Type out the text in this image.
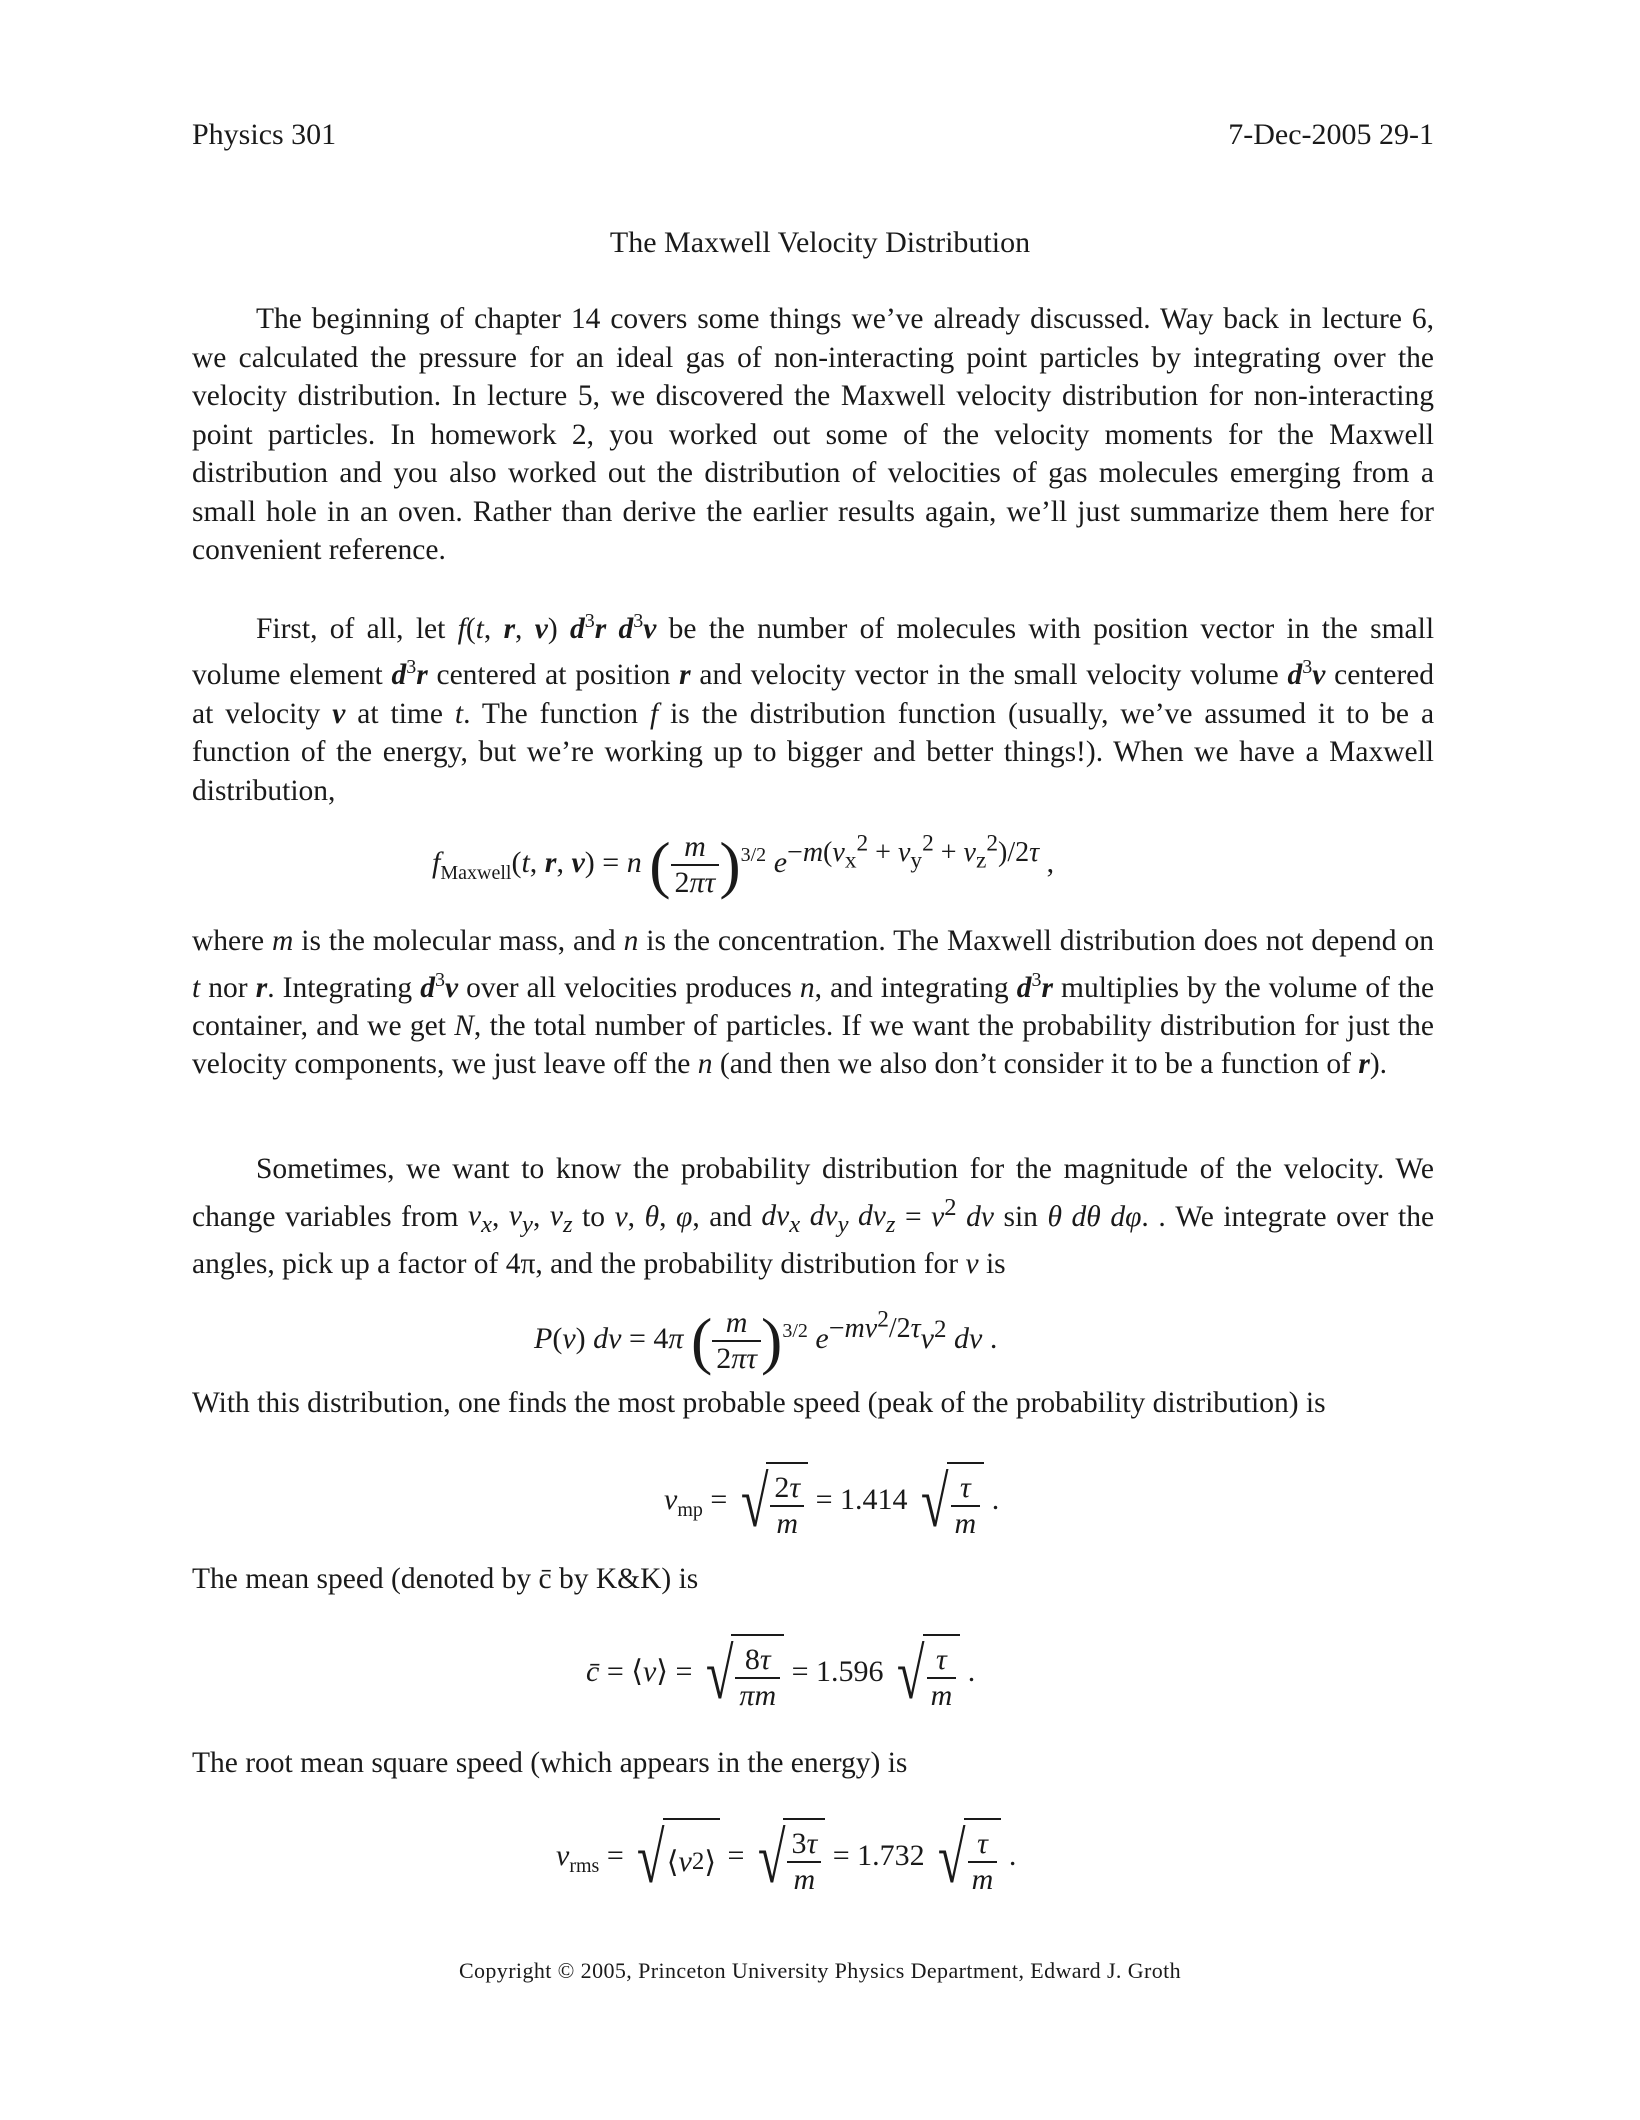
Physics 301	7-Dec-2005 29-1
The Maxwell Velocity Distribution

The beginning of chapter 14 covers some things we’ve already discussed. Way back in lecture 6, we calculated the pressure for an ideal gas of non-interacting point particles by integrating over the velocity distribution. In lecture 5, we discovered the Maxwell velocity distribution for non-interacting point particles. In homework 2, you worked out some of the velocity moments for the Maxwell distribution and you also worked out the distribution of velocities of gas molecules emerging from a small hole in an oven. Rather than derive the earlier results again, we’ll just summarize them here for convenient reference.

First, of all, let f(t, r, v) $d^3r$ $d^3v$ be the number of molecules with position vector in the small volume element $d^3r$ centered at position r and velocity vector in the small velocity volume $d^3v$ centered at velocity v at time t. The function f is the distribution function (usually, we’ve assumed it to be a function of the energy, but we’re working up to bigger and better things!). When we have a Maxwell distribution,

$f_{Maxwell}(t$, r, v) = n ( $\frac{m}{2\pi\tau} )^{3/2}$ $e-m(v_x^2 + v_y^2 + v_z^2)/2\tau$ ,

where m is the molecular mass, and n is the concentration. The Maxwell distribution does not depend on t nor r. Integrating $d^3v$ over all velocities produces n, and integrating $d^3r$ multiplies by the volume of the container, and we get N, the total number of particles. If we want the probability distribution for just the velocity components, we just leave off the n (and then we also don’t consider it to be a function of r).

Sometimes, we want to know the probability distribution for the magnitude of the velocity. We change variables from $v_x$, $v_y$, $v_z$ to v, θ, φ, and $dv_x$ $dv_y$ $dv_z = v^2$ dv sin θ dθ dφ. . We integrate over the angles, pick up a factor of 4π, and the probability distribution for v is

P(v) dv = 4π ( $\frac{m}{2\pi\tau} )^{3/2}$ $e-mv^2/2\tau v^2$ dv .

With this distribution, one finds the most probable speed (peak of the probability distribution) is

$v_{mp}$ = √ $\frac{2\tau}{m} = 1.414$ √ $\frac{\tau}{m}$ .

The mean speed (denoted by c̄ by K&K) is

c̄ = ⟨v⟩ = √ $\frac{8\tau}{\pi m} = 1.596$ √ $\frac{\tau}{m}$ .

The root mean square speed (which appears in the energy) is

$v_{rms}$ = √ ⟨ v 2 ⟩ = √ $\frac{3\tau}{m} = 1.732$ √ $\frac{\tau}{m}$ .
Copyright © 2005, Princeton University Physics Department, Edward J. Groth
